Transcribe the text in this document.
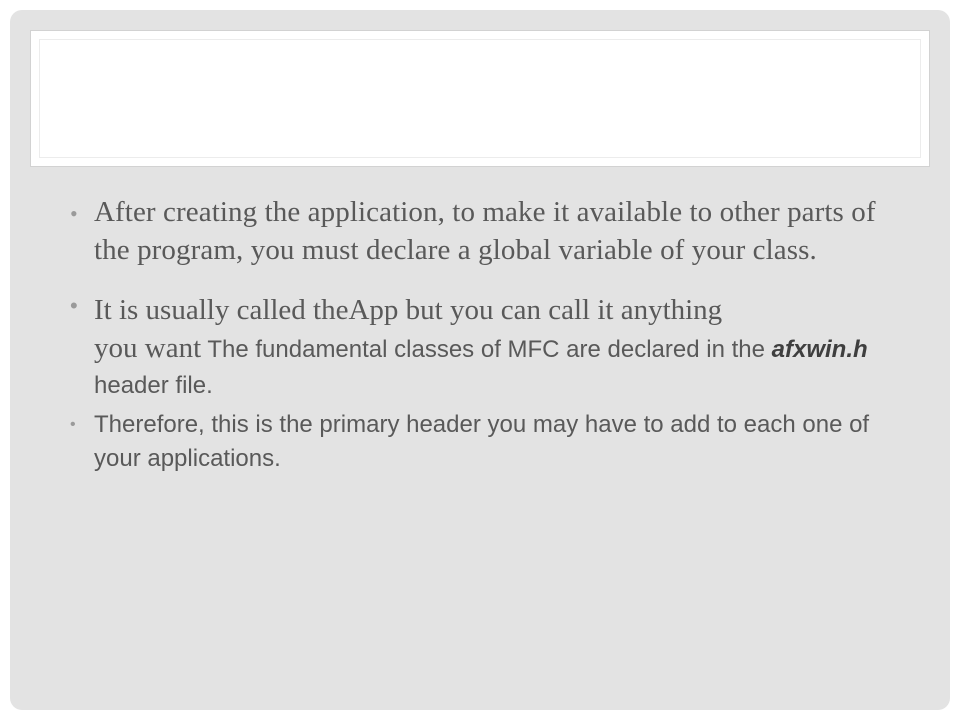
• After creating the application, to make it available to other parts of the program, you must declare a global variable of your class.
• It is usually called theApp but you can call it anything
you want The fundamental classes of MFC are declared in the afxwin.h header file.
• Therefore, this is the primary header you may have to add to each one of your applications.
